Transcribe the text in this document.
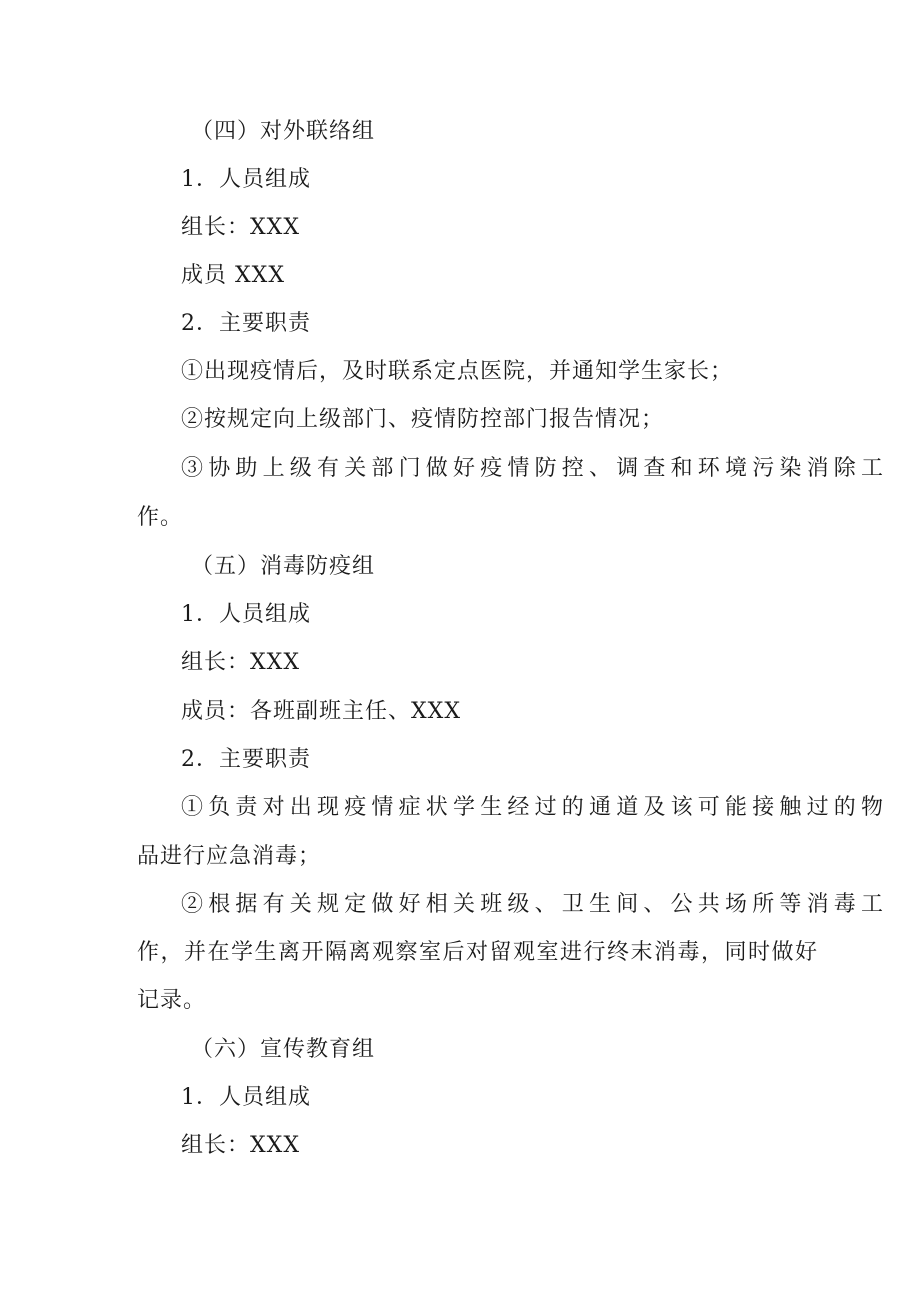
（四）对外联络组
1．人员组成
组长：XXX
成员 XXX
2．主要职责
①出现疫情后，及时联系定点医院，并通知学生家长；
②按规定向上级部门、疫情防控部门报告情况；
③协助上级有关部门做好疫情防控、调查和环境污染消除工
作。
（五）消毒防疫组
1．人员组成
组长：XXX
成员：各班副班主任、XXX
2．主要职责
①负责对出现疫情症状学生经过的通道及该可能接触过的物
品进行应急消毒；
②根据有关规定做好相关班级、卫生间、公共场所等消毒工
作，并在学生离开隔离观察室后对留观室进行终末消毒，同时做好
记录。
（六）宣传教育组
1．人员组成
组长：XXX
